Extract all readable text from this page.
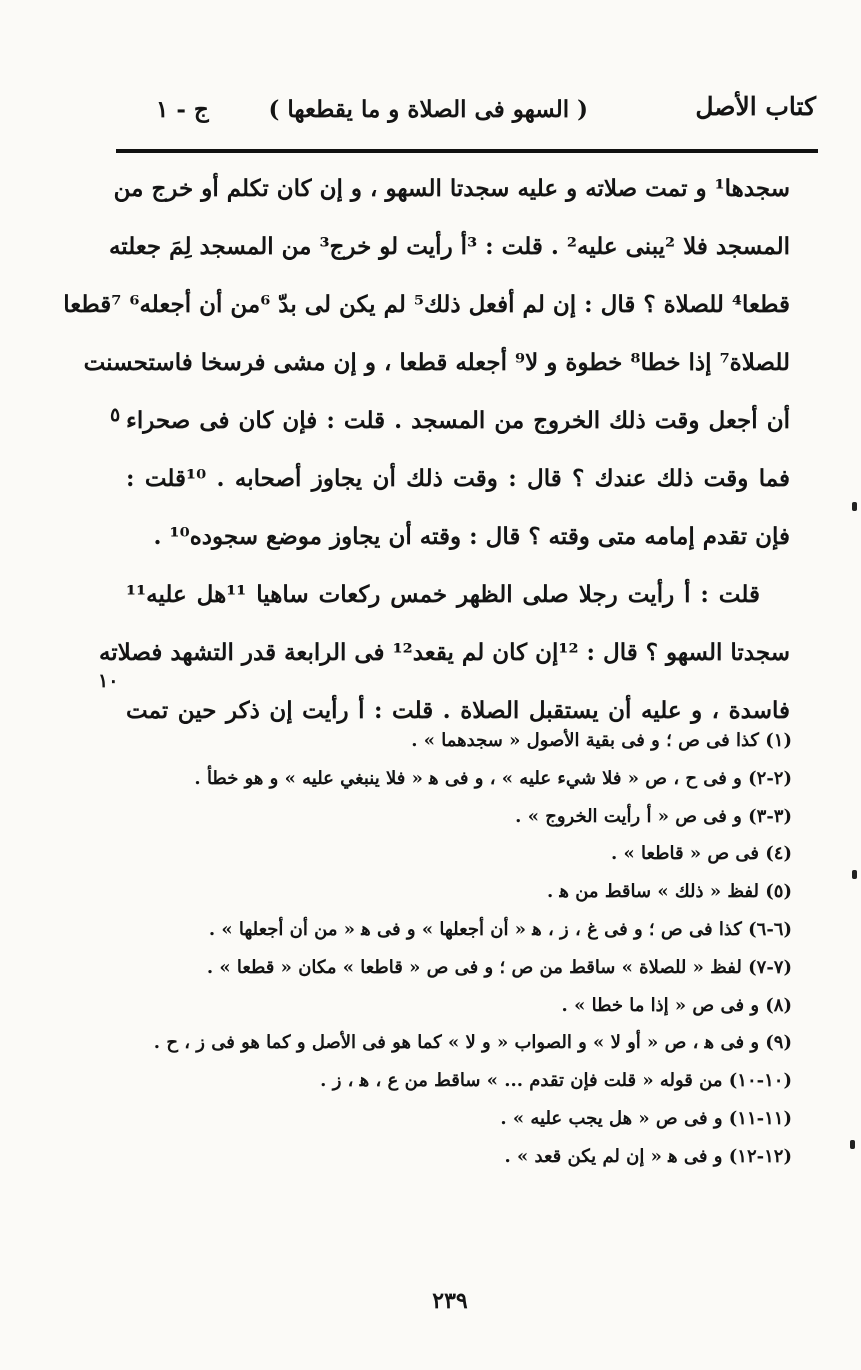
كتاب الأصل
( السهو فى الصلاة و ما يقطعها )
ج - ١
سجدها¹ و تمت صلاته و عليه سجدتا السهو ، و إن كان تكلم أو خرج من
المسجد فلا ²يبنى عليه² . قلت : ³أ رأيت لو خرج³ من المسجد لِمَ جعلته
قطعا⁴ للصلاة ؟ قال : إن لم أفعل ذلك⁵ لم يكن لى بدّ ⁶من أن أجعله⁶ ⁷قطعا
للصلاة⁷ إذا خطا⁸ خطوة و لا⁹ أجعله قطعا ، و إن مشى فرسخا فاستحسنت
أن أجعل وقت ذلك الخروج من المسجد . قلت : فإن كان فى صحراء
فما وقت ذلك عندك ؟ قال : وقت ذلك أن يجاوز أصحابه . ¹⁰قلت :
فإن تقدم إمامه متى وقته ؟ قال : وقته أن يجاوز موضع سجوده¹⁰ .
قلت : أ رأيت رجلا صلى الظهر خمس ركعات ساهيا ¹¹هل عليه¹¹
سجدتا السهو ؟ قال : ¹²إن كان لم يقعد¹² فى الرابعة قدر التشهد فصلاته
فاسدة ، و عليه أن يستقبل الصلاة . قلت : أ رأيت إن ذكر حين تمت
٥
١٠
(١) كذا فى ص ؛ و فى بقية الأصول « سجدهما » .
(٢-٢) و فى ح ، ص « فلا شيء عليه » ، و فى ﻫ « فلا ينبغي عليه » و هو خطأ .
(٣-٣) و فى ص « أ رأيت الخروج » .
(٤) فى ص « قاطعا » .
(٥) لفظ « ذلك » ساقط من ﻫ .
(٦-٦) كذا فى ص ؛ و فى غ ، ز ، ﻫ « أن أجعلها » و فى ﻫ « من أن أجعلها » .
(٧-٧) لفظ « للصلاة » ساقط من ص ؛ و فى ص « قاطعا » مكان « قطعا » .
(٨) و فى ص « إذا ما خطا » .
(٩) و فى ﻫ ، ص « أو لا » و الصواب « و لا » كما هو فى الأصل و كما هو فى ز ، ح .
(١٠-١٠) من قوله « قلت فإن تقدم ... » ساقط من ع ، ﻫ ، ز .
(١١-١١) و فى ص « هل يجب عليه » .
(١٢-١٢) و فى ﻫ « إن لم يكن قعد » .
٢٣٩
